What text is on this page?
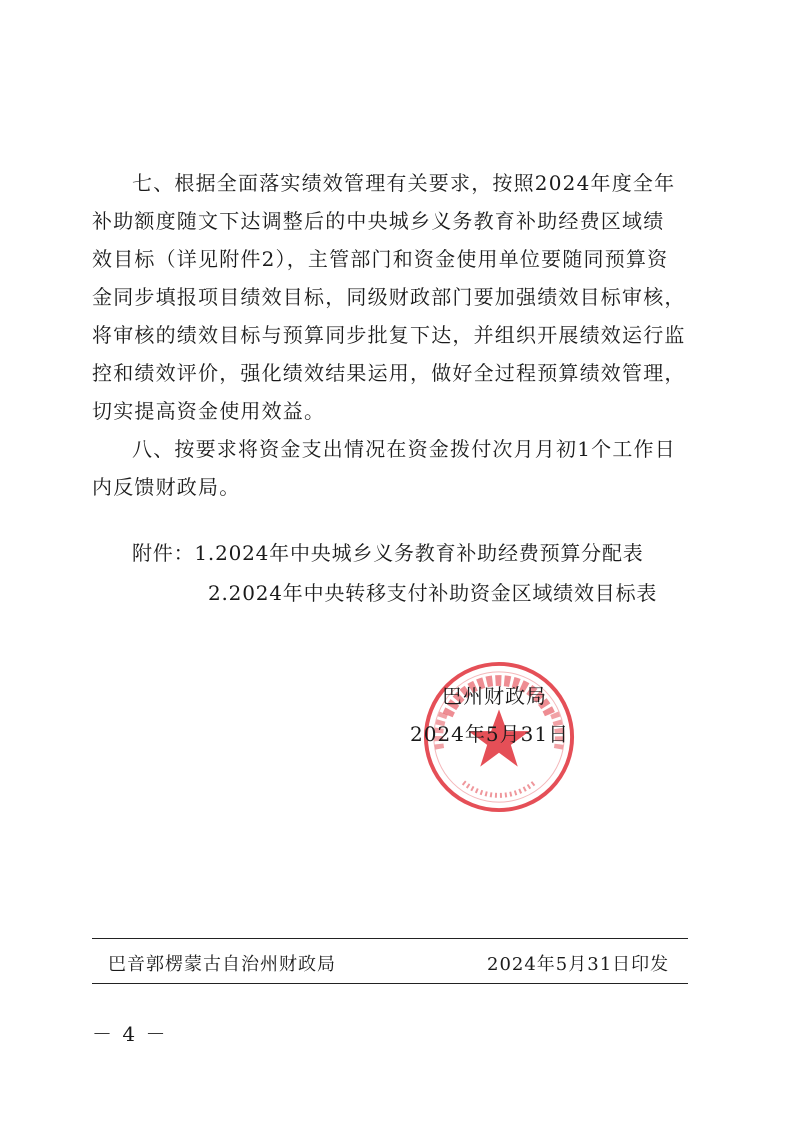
七、根据全面落实绩效管理有关要求，按照2024年度全年
补助额度随文下达调整后的中央城乡义务教育补助经费区域绩
效目标（详见附件2），主管部门和资金使用单位要随同预算资
金同步填报项目绩效目标，同级财政部门要加强绩效目标审核，
将审核的绩效目标与预算同步批复下达，并组织开展绩效运行监
控和绩效评价，强化绩效结果运用，做好全过程预算绩效管理，
切实提高资金使用效益。
八、按要求将资金支出情况在资金拨付次月月初1个工作日
内反馈财政局。
附件：1.2024年中央城乡义务教育补助经费预算分配表
2.2024年中央转移支付补助资金区域绩效目标表
巴州财政局
2024年5月31日
巴音郭楞蒙古自治州财政局	2024年5月31日印发
－ 4 －
